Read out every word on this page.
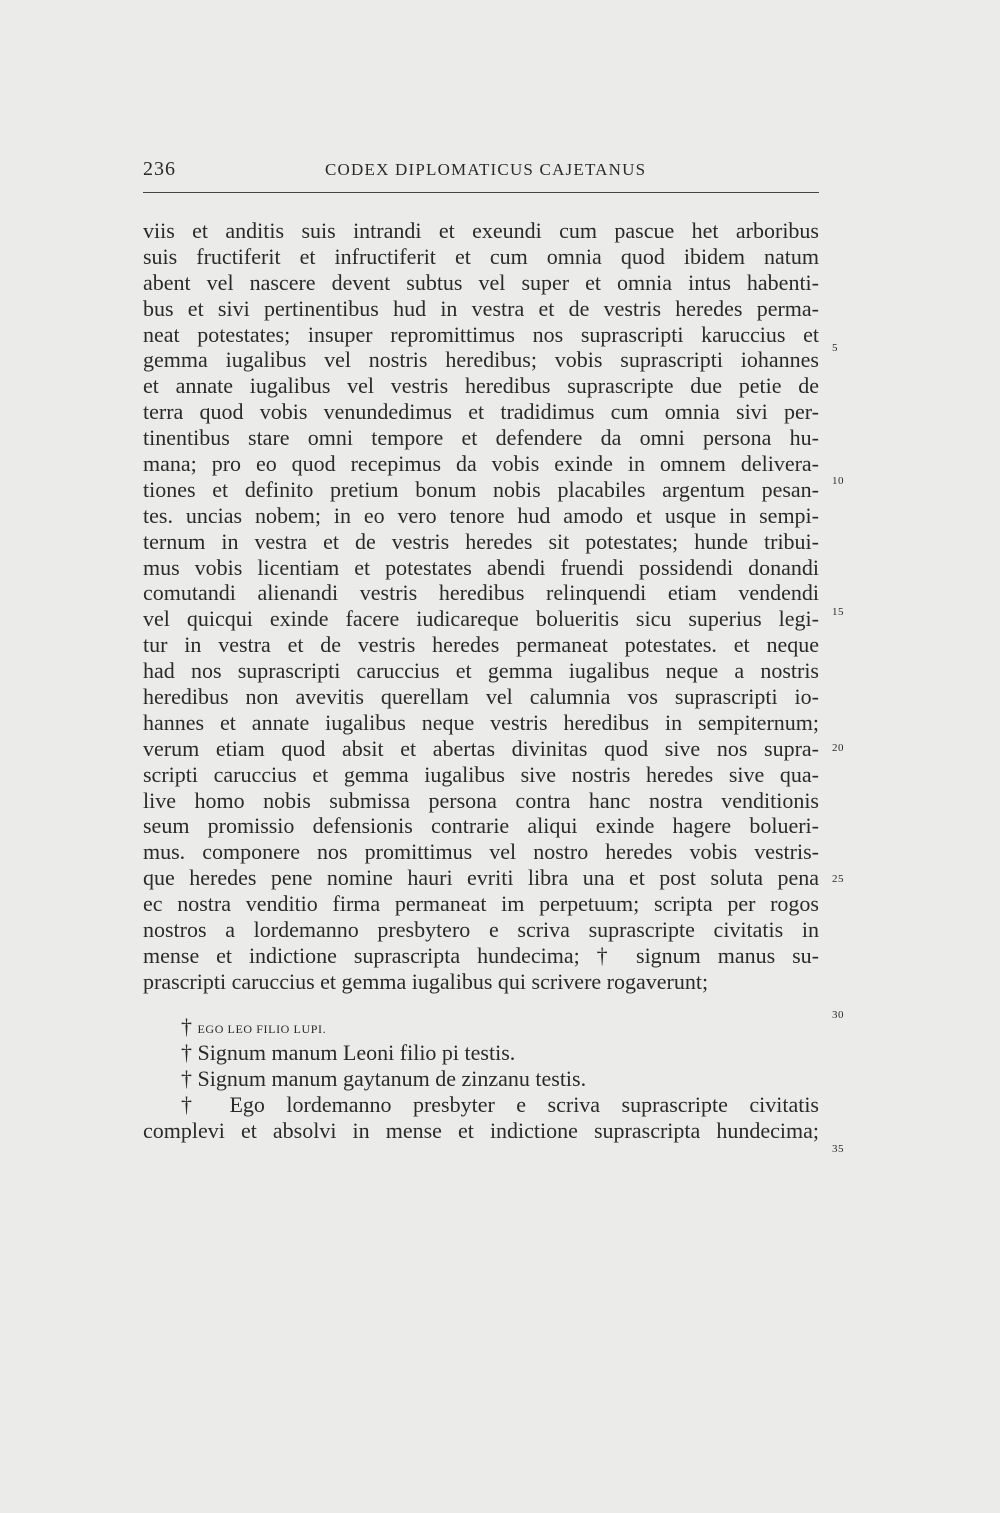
236	CODEX DIPLOMATICUS CAJETANUS
viis et anditis suis intrandi et exeundi cum pascue het arboribus
suis fructiferit et infructiferit et cum omnia quod ibidem natum
abent vel nascere devent subtus vel super et omnia intus habenti-
bus et sivi pertinentibus hud in vestra et de vestris heredes perma-
neat potestates; insuper repromittimus nos suprascripti karuccius et
gemma iugalibus vel nostris heredibus; vobis suprascripti iohannes
et annate iugalibus vel vestris heredibus suprascripte due petie de
terra quod vobis venundedimus et tradidimus cum omnia sivi per-
tinentibus stare omni tempore et defendere da omni persona hu-
mana; pro eo quod recepimus da vobis exinde in omnem delivera-
tiones et definito pretium bonum nobis placabiles argentum pesan-
tes. uncias nobem; in eo vero tenore hud amodo et usque in sempi-
ternum in vestra et de vestris heredes sit potestates; hunde tribui-
mus vobis licentiam et potestates abendi fruendi possidendi donandi
comutandi alienandi vestris heredibus relinquendi etiam vendendi
vel quicqui exinde facere iudicareque bolueritis sicu superius legi-
tur in vestra et de vestris heredes permaneat potestates. et neque
had nos suprascripti caruccius et gemma iugalibus neque a nostris
heredibus non avevitis querellam vel calumnia vos suprascripti io-
hannes et annate iugalibus neque vestris heredibus in sempiternum;
verum etiam quod absit et abertas divinitas quod sive nos supra-
scripti caruccius et gemma iugalibus sive nostris heredes sive qua-
live homo nobis submissa persona contra hanc nostra venditionis
seum promissio defensionis contrarie aliqui exinde hagere bolueri-
mus. componere nos promittimus vel nostro heredes vobis vestris-
que heredes pene nomine hauri evriti libra una et post soluta pena
ec nostra venditio firma permaneat im perpetuum; scripta per rogos
nostros a lordemanno presbytero e scriva suprascripte civitatis in
mense et indictione suprascripta hundecima; † signum manus su-
prascripti caruccius et gemma iugalibus qui scrivere rogaverunt;
† EGO LEO FILIO LUPI.
† Signum manum Leoni filio pi testis.
† Signum manum gaytanum de zinzanu testis.
† Ego lordemanno presbyter e scriva suprascripte civitatis
complevi et absolvi in mense et indictione suprascripta hundecima;
5
10
15
20
25
30
35
